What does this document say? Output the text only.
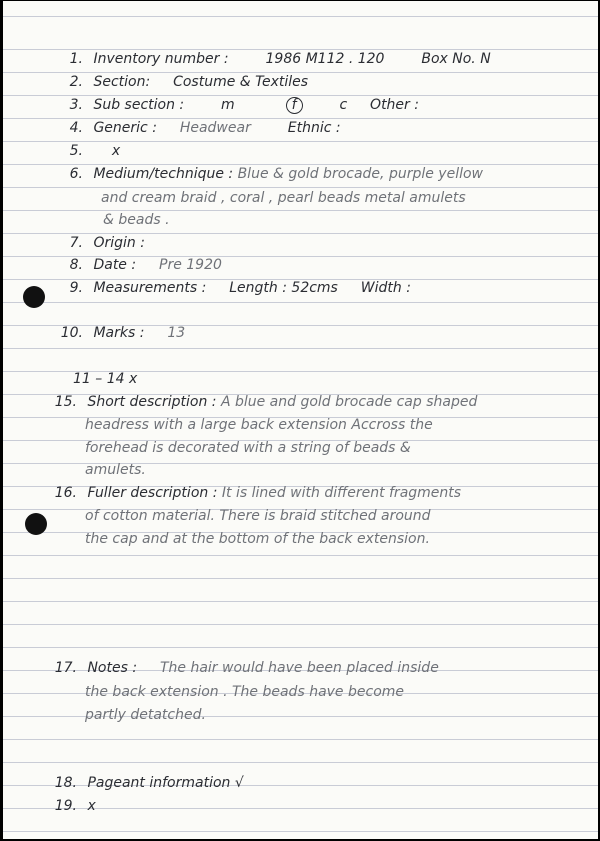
1. Inventory number :	1986 M112 . 120	Box No. N
2. Section: Costume & Textiles
3. Sub section :	m	f	c Other :
4. Generic : Headwear	Ethnic :
5. x
6. Medium/technique : Blue & gold brocade, purple yellow
and cream braid , coral , pearl beads metal amulets
& beads .
7. Origin :
8. Date : Pre 1920
9. Measurements : Length : 52cms Width :
10. Marks : 13
11 – 14 x
15. Short description : A blue and gold brocade cap shaped
headress with a large back extension Accross the
forehead is decorated with a string of beads &
amulets.
16. Fuller description : It is lined with different fragments
of cotton material. There is braid stitched around
the cap and at the bottom of the back extension.
17. Notes : The hair would have been placed inside
the back extension . The beads have become
partly detatched.
18. Pageant information √
19. x
